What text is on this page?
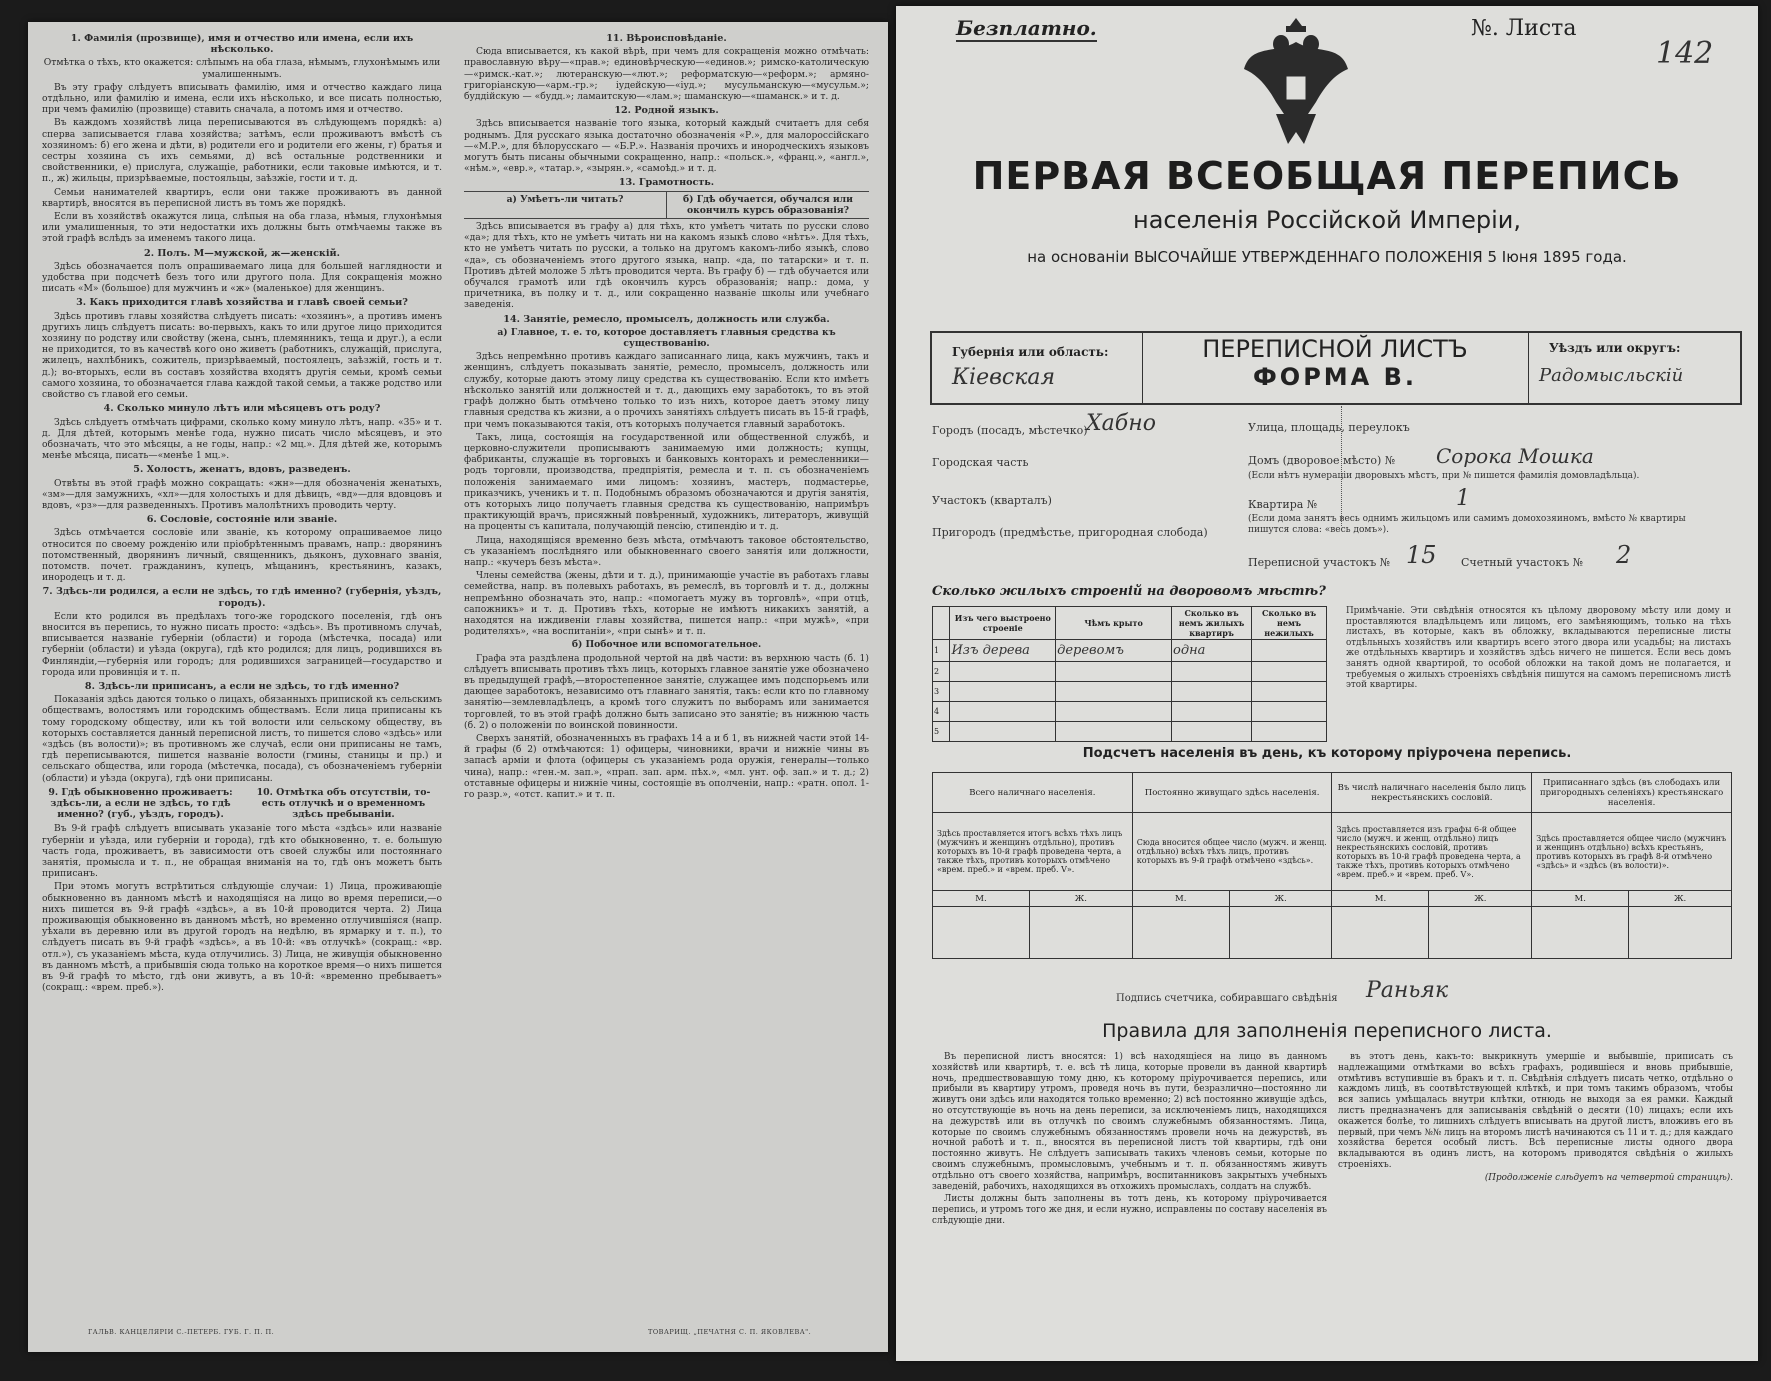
1. Фамилія (прозвище), имя и отчество или имена, если ихъ нѣсколько.

Отмѣтка о тѣхъ, кто окажется: слѣпымъ на оба глаза, нѣмымъ, глухонѣмымъ или умалишеннымъ.

Въ эту графу слѣдуетъ вписывать фамилію, имя и отчество каждаго лица отдѣльно, или фамилію и имена, если ихъ нѣсколько, и все писать полностью, при чемъ фамилію (прозвище) ставить сначала, а потомъ имя и отчество.

Въ каждомъ хозяйствѣ лица переписываются въ слѣдующемъ порядкѣ: а) сперва записывается глава хозяйства; затѣмъ, если проживаютъ вмѣстѣ съ хозяиномъ: б) его жена и дѣти, в) родители его и родители его жены, г) братья и сестры хозяина съ ихъ семьями, д) всѣ остальные родственники и свойственники, е) прислуга, служащіе, работники, если таковые имѣются, и т. п., ж) жильцы, призрѣваемые, постояльцы, заѣзжіе, гости и т. д.

Семьи нанимателей квартиръ, если они также проживаютъ въ данной квартирѣ, вносятся въ переписной листъ въ томъ же порядкѣ.

Если въ хозяйствѣ окажутся лица, слѣпыя на оба глаза, нѣмыя, глухонѣмыя или умалишенныя, то эти недостатки ихъ должны быть отмѣчаемы также въ этой графѣ вслѣдъ за именемъ такого лица.

2. Полъ. М—мужской, ж—женскій.

Здѣсь обозначается полъ опрашиваемаго лица для большей наглядности и удобства при подсчетѣ безъ того или другого пола. Для сокращенія можно писать «М» (большое) для мужчинъ и «ж» (маленькое) для женщинъ.

3. Какъ приходится главѣ хозяйства и главѣ своей семьи?

Здѣсь противъ главы хозяйства слѣдуетъ писать: «хозяинъ», а противъ именъ другихъ лицъ слѣдуетъ писать: во-первыхъ, какъ то или другое лицо приходится хозяину по родству или свойству (жена, сынъ, племянникъ, теща и друг.), а если не приходится, то въ качествѣ кого оно живетъ (работникъ, служащій, прислуга, жилецъ, нахлѣбникъ, сожитель, призрѣваемый, постоялецъ, заѣзжій, гость и т. д.); во-вторыхъ, если въ составъ хозяйства входятъ другія семьи, кромѣ семьи самого хозяина, то обозначается глава каждой такой семьи, а также родство или свойство съ главой его семьи.

4. Сколько минуло лѣтъ или мѣсяцевъ отъ роду?

Здѣсь слѣдуетъ отмѣчать цифрами, сколько кому минуло лѣтъ, напр. «35» и т. д. Для дѣтей, которымъ менѣе года, нужно писать число мѣсяцевъ, и это обозначать, что это мѣсяцы, а не годы, напр.: «2 мц.». Для дѣтей же, которымъ менѣе мѣсяца, писать—«менѣе 1 мц.».

5. Холостъ, женатъ, вдовъ, разведенъ.

Отвѣты въ этой графѣ можно сокращать: «жн»—для обозначенія женатыхъ, «зм»—для замужнихъ, «хл»—для холостыхъ и для дѣвицъ, «вд»—для вдовцовъ и вдовъ, «рз»—для разведенныхъ. Противъ малолѣтнихъ проводить черту.

6. Сословіе, состояніе или званіе.

Здѣсь отмѣчается сословіе или званіе, къ которому опрашиваемое лицо относится по своему рожденію или пріобрѣтеннымъ правамъ, напр.: дворянинъ потомственный, дворянинъ личный, священникъ, дьяконъ, духовнаго званія, потомств. почет. гражданинъ, купецъ, мѣщанинъ, крестьянинъ, казакъ, инородецъ и т. д.

7. Здѣсь-ли родился, а если не здѣсь, то гдѣ именно? (губернія, уѣздъ, городъ).

Если кто родился въ предѣлахъ того-же городского поселенія, гдѣ онъ вносится въ перепись, то нужно писать просто: «здѣсь». Въ противномъ случаѣ, вписывается названіе губерніи (области) и города (мѣстечка, посада) или губерніи (области) и уѣзда (округа), гдѣ кто родился; для лицъ, родившихся въ Финляндіи,—губернія или городъ; для родившихся заграницей—государство и города или провинція и т. п.

8. Здѣсь-ли приписанъ, а если не здѣсь, то гдѣ именно?

Показанія здѣсь даются только о лицахъ, обязанныхъ припиской къ сельскимъ обществамъ, волостямъ или городскимъ обществамъ. Если лица приписаны къ тому городскому обществу, или къ той волости или сельскому обществу, въ которыхъ составляется данный переписной листъ, то пишется слово «здѣсь» или «здѣсь (въ волости)»; въ противномъ же случаѣ, если они приписаны не тамъ, гдѣ переписываются, пишется названіе волости (гмины, станицы и пр.) и сельскаго общества, или города (мѣстечка, посада), съ обозначеніемъ губерніи (области) и уѣзда (округа), гдѣ они приписаны.

9. Гдѣ обыкновенно проживаетъ: здѣсь-ли, а если не здѣсь, то гдѣ именно? (губ., уѣздъ, городъ).
10. Отмѣтка объ отсутствіи, то-есть отлучкѣ и о временномъ здѣсь пребываніи.

Въ 9-й графѣ слѣдуетъ вписывать указаніе того мѣста «здѣсь» или названіе губерніи и уѣзда, или губерніи и города), гдѣ кто обыкновенно, т. е. большую часть года, проживаетъ, въ зависимости отъ своей службы или постояннаго занятія, промысла и т. п., не обращая вниманія на то, гдѣ онъ можетъ быть приписанъ.

При этомъ могутъ встрѣтиться слѣдующіе случаи: 1) Лица, проживающіе обыкновенно въ данномъ мѣстѣ и находящіяся на лицо во время переписи,—о нихъ пишется въ 9-й графѣ «здѣсь», а въ 10-й проводится черта. 2) Лица проживающія обыкновенно въ данномъ мѣстѣ, но временно отлучившіяся (напр. уѣхали въ деревню или въ другой городъ на недѣлю, въ ярмарку и т. п.), то слѣдуетъ писать въ 9-й графѣ «здѣсь», а въ 10-й: «въ отлучкѣ» (сокращ.: «вр. отл.»), съ указаніемъ мѣста, куда отлучились. 3) Лица, не живущія обыкновенно въ данномъ мѣстѣ, а прибывшія сюда только на короткое время—о нихъ пишется въ 9-й графѣ то мѣсто, гдѣ они живутъ, а въ 10-й: «временно пребываетъ» (сокращ.: «врем. преб.»).

ГАЛЬВ. КАНЦЕЛЯРІИ С.-ПЕТЕРБ. ГУБ. Г. П. П.
11. Вѣроисповѣданіе.

Сюда вписывается, къ какой вѣрѣ, при чемъ для сокращенія можно отмѣчать: православную вѣру—«прав.»; единовѣрческую—«единов.»; римско-католическую—«римск.-кат.»; лютеранскую—«лют.»; реформатскую—«реформ.»; армяно-григоріанскую—«арм.-гр.»; іудейскую—«іуд.»; мусульманскую—«мусульм.»; буддійскую — «будд.»; ламаитскую—«лам.»; шаманскую—«шаманск.» и т. д.

12. Родной языкъ.

Здѣсь вписывается названіе того языка, который каждый считаетъ для себя роднымъ. Для русскаго языка достаточно обозначенія «Р.», для малороссійскаго—«М.Р.», для бѣлорусскаго — «Б.Р.». Названія прочихъ и инородческихъ языковъ могутъ быть писаны обычными сокращенно, напр.: «польск.», «франц.», «англ.», «нѣм.», «евр.», «татар.», «зырян.», «самоѣд.» и т. д.

13. Грамотность.
а) Умѣетъ-ли читать?	б) Гдѣ обучается, обучался или окончилъ курсъ образованія?

Здѣсь вписывается въ графу а) для тѣхъ, кто умѣетъ читать по русски слово «да»; для тѣхъ, кто не умѣетъ читать ни на какомъ языкѣ слово «нѣтъ». Для тѣхъ, кто не умѣетъ читать по русски, а только на другомъ какомъ-либо языкѣ, слово «да», съ обозначеніемъ этого другого языка, напр. «да, по татарски» и т. п. Противъ дѣтей моложе 5 лѣтъ проводится черта. Въ графу б) — гдѣ обучается или обучался грамотѣ или гдѣ окончилъ курсъ образованія; напр.: дома, у причетника, въ полку и т. д., или сокращенно названіе школы или учебнаго заведенія.

14. Занятіе, ремесло, промыселъ, должность или служба.

а) Главное, т. е. то, которое доставляетъ главныя средства къ существованію.

Здѣсь непремѣнно противъ каждаго записаннаго лица, какъ мужчинъ, такъ и женщинъ, слѣдуетъ показывать занятіе, ремесло, промыселъ, должность или службу, которые даютъ этому лицу средства къ существованію. Если кто имѣетъ нѣсколько занятій или должностей и т. д., дающихъ ему заработокъ, то въ этой графѣ должно быть отмѣчено только то изъ нихъ, которое даетъ этому лицу главныя средства къ жизни, а о прочихъ занятіяхъ слѣдуетъ писать въ 15-й графѣ, при чемъ показываются такія, отъ которыхъ получается главный заработокъ.

Такъ, лица, состоящія на государственной или общественной службѣ, и церковно-служители прописываютъ занимаемую ими должность; купцы, фабриканты, служащіе въ торговыхъ и банковыхъ конторахъ и ремесленники—родъ торговли, производства, предпріятія, ремесла и т. п. съ обозначеніемъ положенія занимаемаго ими лицомъ: хозяинъ, мастеръ, подмастерье, приказчикъ, ученикъ и т. п. Подобнымъ образомъ обозначаются и другія занятія, отъ которыхъ лицо получаетъ главныя средства къ существованію, напримѣръ практикующій врачъ, присяжный повѣренный, художникъ, литераторъ, живущій на проценты съ капитала, получающій пенсію, стипендію и т. д.

Лица, находящіяся временно безъ мѣста, отмѣчаютъ таковое обстоятельство, съ указаніемъ послѣдняго или обыкновеннаго своего занятія или должности, напр.: «кучеръ безъ мѣста».

Члены семейства (жены, дѣти и т. д.), принимающіе участіе въ работахъ главы семейства, напр. въ полевыхъ работахъ, въ ремеслѣ, въ торговлѣ и т. д., должны непремѣнно обозначать это, напр.: «помогаетъ мужу въ торговлѣ», «при отцѣ, сапожникъ» и т. д. Противъ тѣхъ, которые не имѣютъ никакихъ занятій, а находятся на иждивеніи главы хозяйства, пишется напр.: «при мужѣ», «при родителяхъ», «на воспитаніи», «при сынѣ» и т. п.

б) Побочное или вспомогательное.

Графа эта раздѣлена продольной чертой на двѣ части: въ верхнюю часть (б. 1) слѣдуетъ вписывать противъ тѣхъ лицъ, которыхъ главное занятіе уже обозначено въ предыдущей графѣ,—второстепенное занятіе, служащее имъ подспорьемъ или дающее заработокъ, независимо отъ главнаго занятія, такъ: если кто по главному занятію—землевладѣлецъ, а кромѣ того служитъ по выборамъ или занимается торговлей, то въ этой графѣ должно быть записано это занятіе; въ нижнюю часть (б. 2) о положеніи по воинской повинности.

Сверхъ занятій, обозначенныхъ въ графахъ 14 а и б 1, въ нижней части этой 14-й графы (б 2) отмѣчаются: 1) офицеры, чиновники, врачи и нижніе чины въ запасѣ арміи и флота (офицеры съ указаніемъ рода оружія, генералы—только чина), напр.: «ген.-м. зап.», «прап. зап. арм. пѣх.», «мл. унт. оф. зап.» и т. д.; 2) отставные офицеры и нижніе чины, состоящіе въ ополченіи, напр.: «ратн. опол. 1-го разр.», «отст. капит.» и т. п.

ТОВАРИЩ. „ПЕЧАТНЯ С. П. ЯКОВЛЕВА".
Безплатно.	№. Листа
142
ПЕРВАЯ ВСЕОБЩАЯ ПЕРЕПИСЬ
населенія Россійской Имперіи,
на основаніи ВЫСОЧАЙШЕ УТВЕРЖДЕННАГО ПОЛОЖЕНІЯ 5 Іюня 1895 года.
Губернія или область:
Кіевская
ПЕРЕПИСНОЙ ЛИСТЪ
ФОРМА В.
Уѣздъ или округъ:
Радомысльскій
Городъ (посадъ, мѣстечко)
Хабно
Городская часть
Участокъ (кварталъ)
Пригородъ (предмѣстье, пригородная слобода)
Улица, площадь, переулокъ
Домъ (дворовое мѣсто) № Сорока Мошка
(Если нѣтъ нумераціи дворовыхъ мѣстъ, при № пишется фамилія домовладѣльца).
Квартира №	1
(Если дома занятъ весь однимъ жильцомъ или самимъ домохозяиномъ, вмѣсто № квартиры пишутся слова: «весь домъ»).
Переписной участокъ № 15 Счетный участокъ № 2
Сколько жилыхъ строеній на дворовомъ мѣстѣ?
	Изъ чего выстроено строеніе	Чѣмъ крыто	Сколько въ немъ жилыхъ квартиръ	Сколько въ немъ нежилыхъ
1	Изъ дерева	деревомъ	одна	
2				
3				
4				
5				
Примѣчаніе. Эти свѣдѣнія относятся къ цѣлому дворовому мѣсту или дому и проставляются владѣльцемъ или лицомъ, его замѣняющимъ, только на тѣхъ листахъ, въ которые, какъ въ обложку, вкладываются переписные листы отдѣльныхъ хозяйствъ или квартиръ всего этого двора или усадьбы; на листахъ же отдѣльныхъ квартиръ и хозяйствъ здѣсь ничего не пишется. Если весь домъ занятъ одной квартирой, то особой обложки на такой домъ не полагается, и требуемыя о жилыхъ строеніяхъ свѣдѣнія пишутся на самомъ переписномъ листѣ этой квартиры.
Подсчетъ населенія въ день, къ которому пріурочена перепись.
Всего наличнаго населенія.		Постоянно живущаго здѣсь населенія.		Въ числѣ наличнаго населенія было лицъ некрестьянскихъ сословій.		Приписаннаго здѣсь (въ слободахъ или пригородныхъ селеніяхъ) крестьянскаго населенія.	
Здѣсь проставляется итогъ всѣхъ тѣхъ лицъ (мужчинъ и женщинъ отдѣльно), противъ которыхъ въ 10-й графѣ проведена черта, а также тѣхъ, противъ которыхъ отмѣчено «врем. преб.» и «врем. преб. V».		Сюда вносится общее число (мужч. и женщ. отдѣльно) всѣхъ тѣхъ лицъ, противъ которыхъ въ 9-й графѣ отмѣчено «здѣсь».		Здѣсь проставляется изъ графы 6-й общее число (мужч. и женщ. отдѣльно) лицъ некрестьянскихъ сословій, противъ которыхъ въ 10-й графѣ проведена черта, а также тѣхъ, противъ которыхъ отмѣчено «врем. преб.» и «врем. преб. V».		Здѣсь проставляется общее число (мужчинъ и женщинъ отдѣльно) всѣхъ крестьянъ, противъ которыхъ въ графѣ 8-й отмѣчено «здѣсь» и «здѣсь (въ волости)».	
М.	Ж.	М.	Ж.	М.	Ж.	М.	Ж.

Подпись счетчика, собиравшаго свѣдѣнія Раньяк
Правила для заполненія переписного листа.

Въ переписной листъ вносятся: 1) всѣ находящіеся на лицо въ данномъ хозяйствѣ или квартирѣ, т. е. всѣ тѣ лица, которые провели въ данной квартирѣ ночь, предшествовавшую тому дню, къ которому пріурочивается перепись, или прибыли въ квартиру утромъ, проведя ночь въ пути, безразлично—постоянно ли живутъ они здѣсь или находятся только временно; 2) всѣ постоянно живущіе здѣсь, но отсутствующіе въ ночь на день переписи, за исключеніемъ лицъ, находящихся на дежурствѣ или въ отлучкѣ по своимъ служебнымъ обязанностямъ. Лица, которые по своимъ служебнымъ обязанностямъ провели ночь на дежурствѣ, въ ночной работѣ и т. п., вносятся въ переписной листъ той квартиры, гдѣ они постоянно живутъ. Не слѣдуетъ записывать такихъ членовъ семьи, которые по своимъ служебнымъ, промысловымъ, учебнымъ и т. п. обязанностямъ живутъ отдѣльно отъ своего хозяйства, напримѣръ, воспитанниковъ закрытыхъ учебныхъ заведеній, рабочихъ, находящихся въ отхожихъ промыслахъ, солдатъ на службѣ.

Листы должны быть заполнены въ тотъ день, къ которому пріурочивается перепись, и утромъ того же дня, и если нужно, исправлены по составу населенія въ слѣдующіе дни.

въ этотъ день, какъ-то: выкрикнуть умершіе и выбывшіе, приписать съ надлежащими отмѣтками во всѣхъ графахъ, родившіеся и вновь прибывшіе, отмѣтивъ вступившіе въ бракъ и т. п. Свѣдѣнія слѣдуетъ писать четко, отдѣльно о каждомъ лицѣ, въ соотвѣтствующей клѣткѣ, и при томъ такимъ образомъ, чтобы вся запись умѣщалась внутри клѣтки, отнюдь не выходя за ея рамки. Каждый листъ предназначенъ для записыванія свѣдѣній о десяти (10) лицахъ; если ихъ окажется болѣе, то лишнихъ слѣдуетъ вписывать на другой листъ, вложивъ его въ первый, при чемъ №№ лицъ на второмъ листѣ начинаются съ 11 и т. д.; для каждаго хозяйства берется особый листъ. Всѣ переписные листы одного двора вкладываются въ одинъ листъ, на которомъ приводятся свѣдѣнія о жилыхъ строеніяхъ.

(Продолженіе слѣдуетъ на четвертой страницѣ).
